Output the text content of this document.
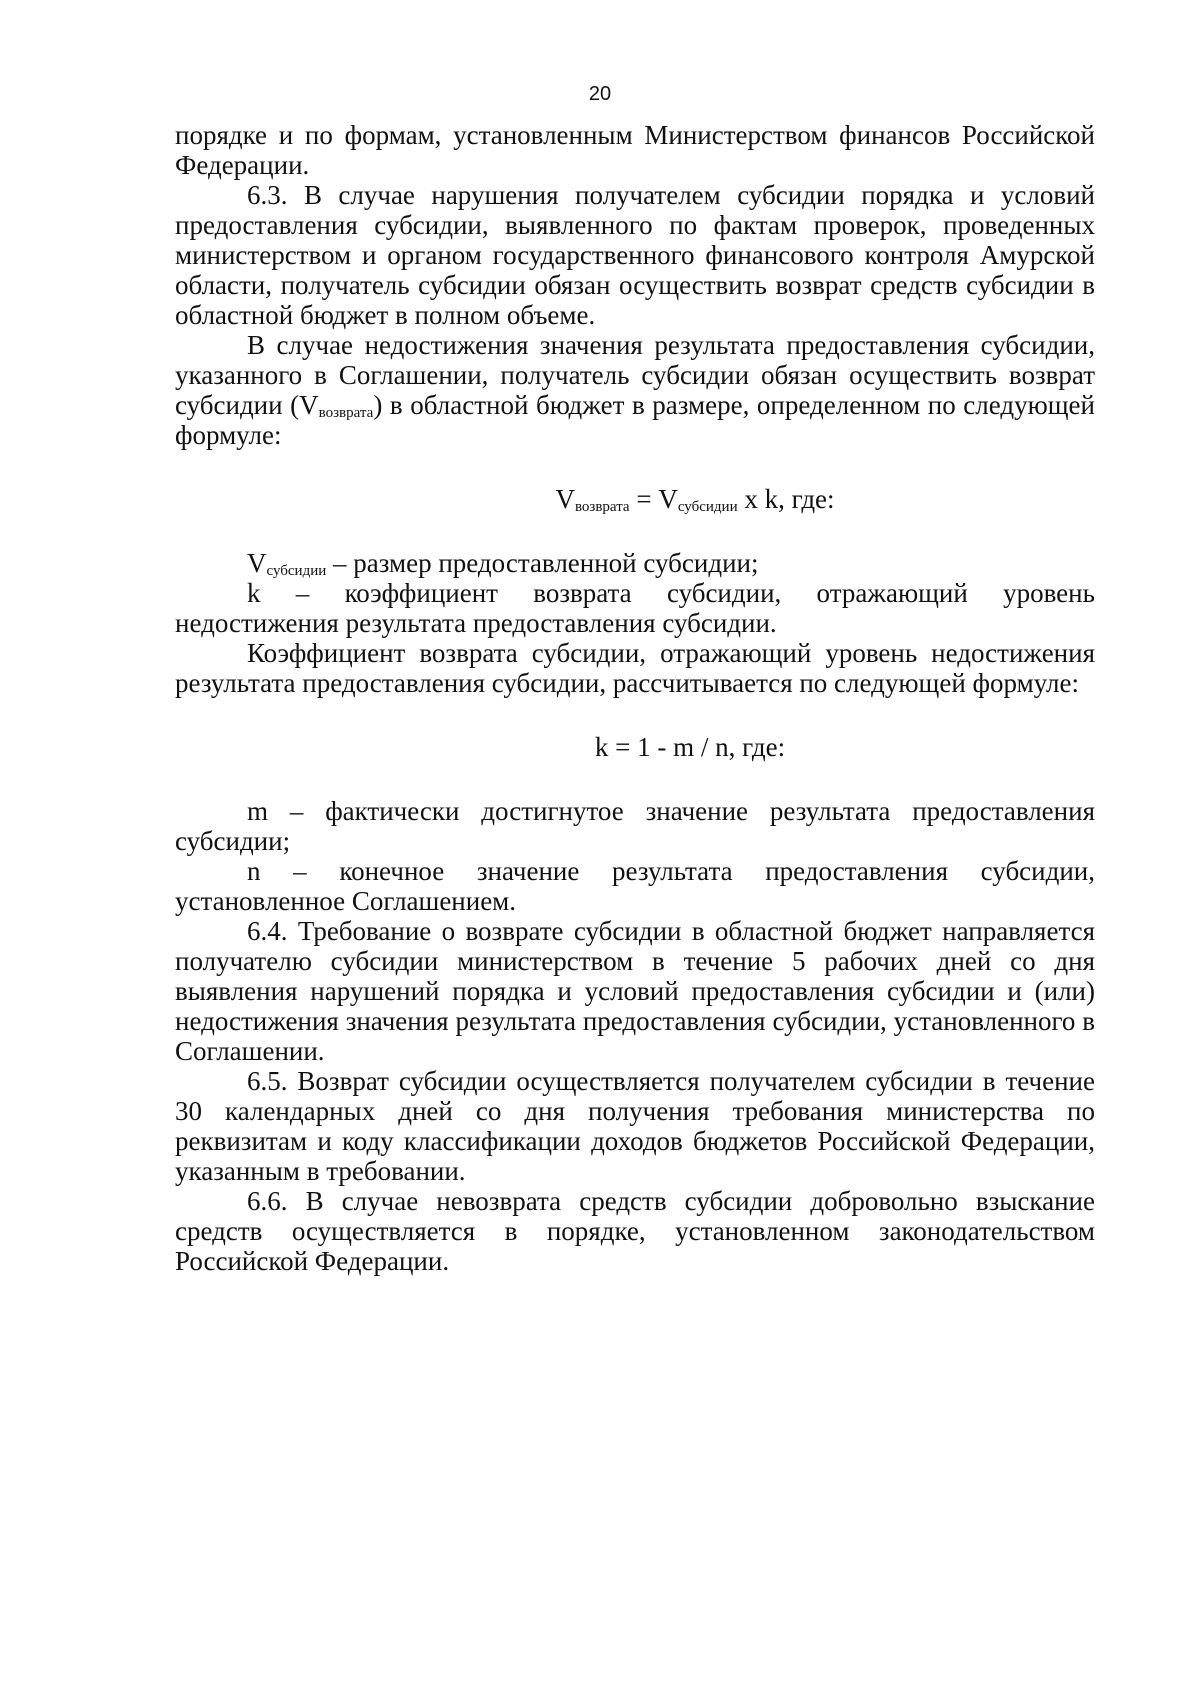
20

порядке и по формам, установленным Министерством финансов Российской Федерации.

6.3. В случае нарушения получателем субсидии порядка и условий предоставления субсидии, выявленного по фактам проверок, проведенных министерством и органом государственного финансового контроля Амурской области, получатель субсидии обязан осуществить возврат средств субсидии в областной бюджет в полном объеме.

В случае недостижения значения результата предоставления субсидии, указанного в Соглашении, получатель субсидии обязан осуществить возврат субсидии $(V_{возврата})$ в областной бюджет в размере, определенном по следующей формуле:

$V_{возврата} = V_{субсидии}$ x k, где:

$V_{субсидии}$ – размер предоставленной субсидии;

k – коэффициент возврата субсидии, отражающий уровень

недостижения результата предоставления субсидии.

Коэффициент возврата субсидии, отражающий уровень недостижения результата предоставления субсидии, рассчитывается по следующей формуле:

k = 1 - m / n, где:

m – фактически достигнутое значение результата предоставления субсидии;

n – конечное значение результата предоставления субсидии, установленное Соглашением.

6.4. Требование о возврате субсидии в областной бюджет направляется получателю субсидии министерством в течение 5 рабочих дней со дня выявления нарушений порядка и условий предоставления субсидии и (или) недостижения значения результата предоставления субсидии, установленного в Соглашении.

6.5. Возврат субсидии осуществляется получателем субсидии в течение 30 календарных дней со дня получения требования министерства по реквизитам и коду классификации доходов бюджетов Российской Федерации, указанным в требовании.

6.6. В случае невозврата средств субсидии добровольно взыскание средств осуществляется в порядке, установленном законодательством Российской Федерации.
